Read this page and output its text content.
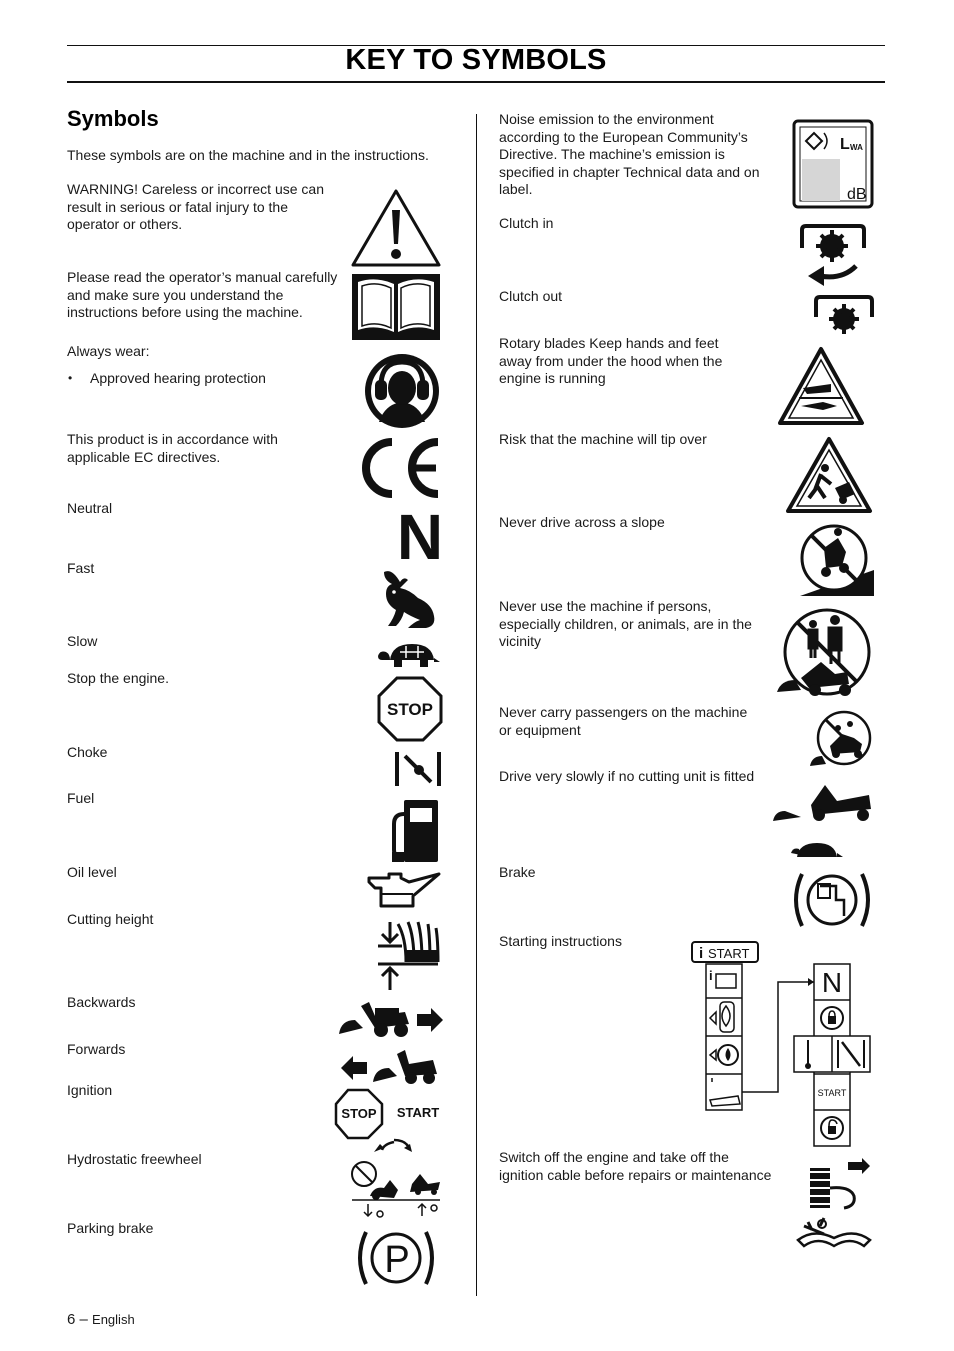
KEY TO SYMBOLS
Symbols
These symbols are on the machine and in the instructions.
WARNING! Careless or incorrect use can result in serious or fatal injury to the operator or others.
Please read the operator’s manual carefully and make sure you understand the instructions before using the machine.
Always wear:
• Approved hearing protection
This product is in accordance with applicable EC directives.
Neutral
Fast
Slow
Stop the engine.
Choke
Fuel
Oil level
Cutting height
Backwards
Forwards
Ignition
Hydrostatic freewheel
Parking brake
Noise emission to the environment according to the European Community’s Directive. The machine’s emission is specified in chapter Technical data and on label.
Clutch in
Clutch out
Rotary blades Keep hands and feet away from under the hood when the engine is running
Risk that the machine will tip over
Never drive across a slope
Never use the machine if persons, especially children, or animals, are in the vicinity
Never carry passengers on the machine or equipment
Drive very slowly if no cutting unit is fitted
Brake
Starting instructions
Switch off the engine and take off the ignition cable before repairs or maintenance
N
STOP
STOP START
P
L WA
dB
i START
i	N
START
6 – English
